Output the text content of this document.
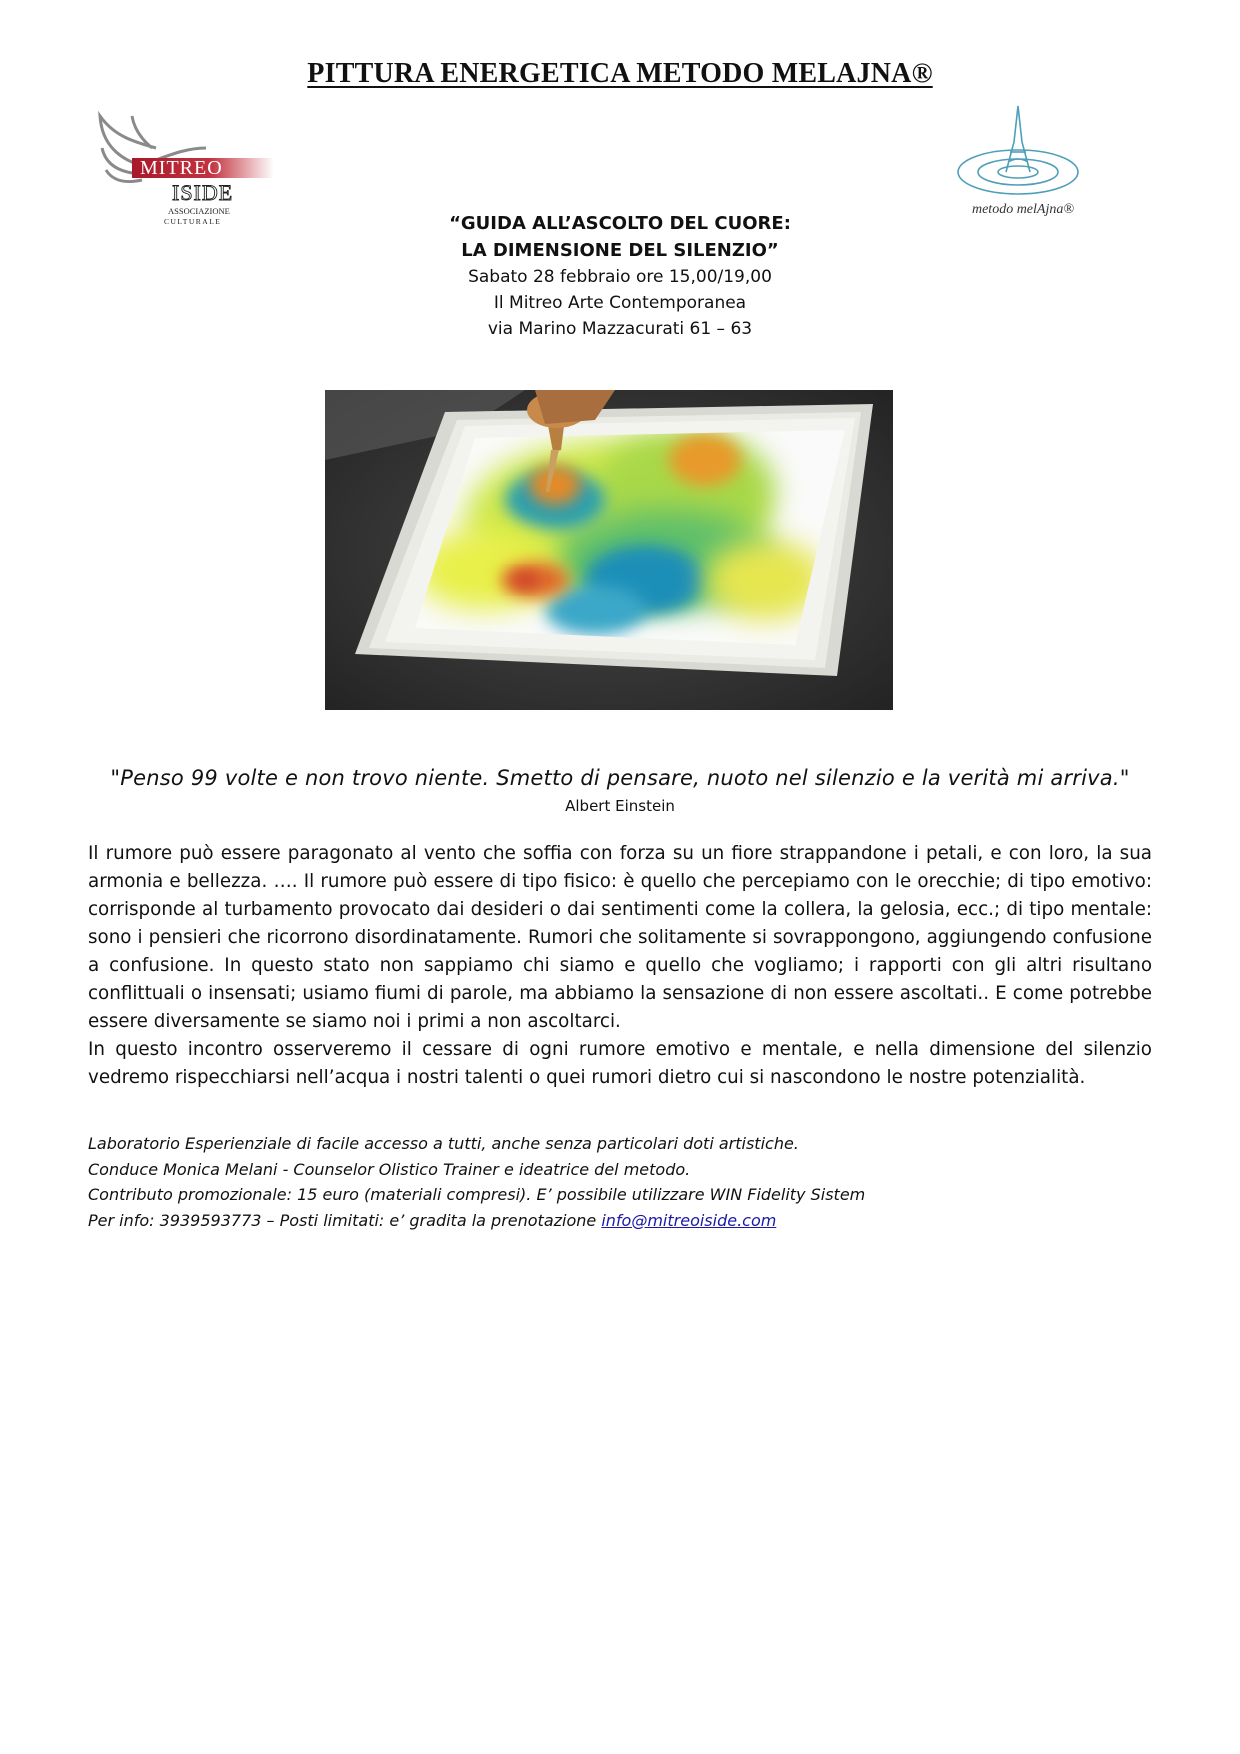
PITTURA ENERGETICA METODO MELAJNA®
MITREO
ISIDE
ASSOCIAZIONE
CULTURALE
metodo melAjna®
“GUIDA ALL’ASCOLTO DEL CUORE:
LA DIMENSIONE DEL SILENZIO”
Sabato 28 febbraio ore 15,00/19,00
Il Mitreo Arte Contemporanea
via Marino Mazzacurati 61 – 63
"Penso 99 volte e non trovo niente. Smetto di pensare, nuoto nel silenzio e la verità mi arriva."
Albert Einstein

Il rumore può essere paragonato al vento che soffia con forza su un fiore strappandone i petali, e con loro, la sua armonia e bellezza. …. Il rumore può essere di tipo fisico: è quello che percepiamo con le orecchie; di tipo emotivo: corrisponde al turbamento provocato dai desideri o dai sentimenti come la collera, la gelosia, ecc.; di tipo mentale: sono i pensieri che ricorrono disordinatamente. Rumori che solitamente si sovrappongono, aggiungendo confusione a confusione. In questo stato non sappiamo chi siamo e quello che vogliamo; i rapporti con gli altri risultano conflittuali o insensati; usiamo fiumi di parole, ma abbiamo la sensazione di non essere ascoltati.. E come potrebbe essere diversamente se siamo noi i primi a non ascoltarci.

In questo incontro osserveremo il cessare di ogni rumore emotivo e mentale, e nella dimensione del silenzio vedremo rispecchiarsi nell’acqua i nostri talenti o quei rumori dietro cui si nascondono le nostre potenzialità.

Laboratorio Esperienziale di facile accesso a tutti, anche senza particolari doti artistiche.
Conduce Monica Melani - Counselor Olistico Trainer e ideatrice del metodo.
Contributo promozionale: 15 euro (materiali compresi). E’ possibile utilizzare WIN Fidelity Sistem
Per info: 3939593773 – Posti limitati: e’ gradita la prenotazione info@mitreoiside.com
